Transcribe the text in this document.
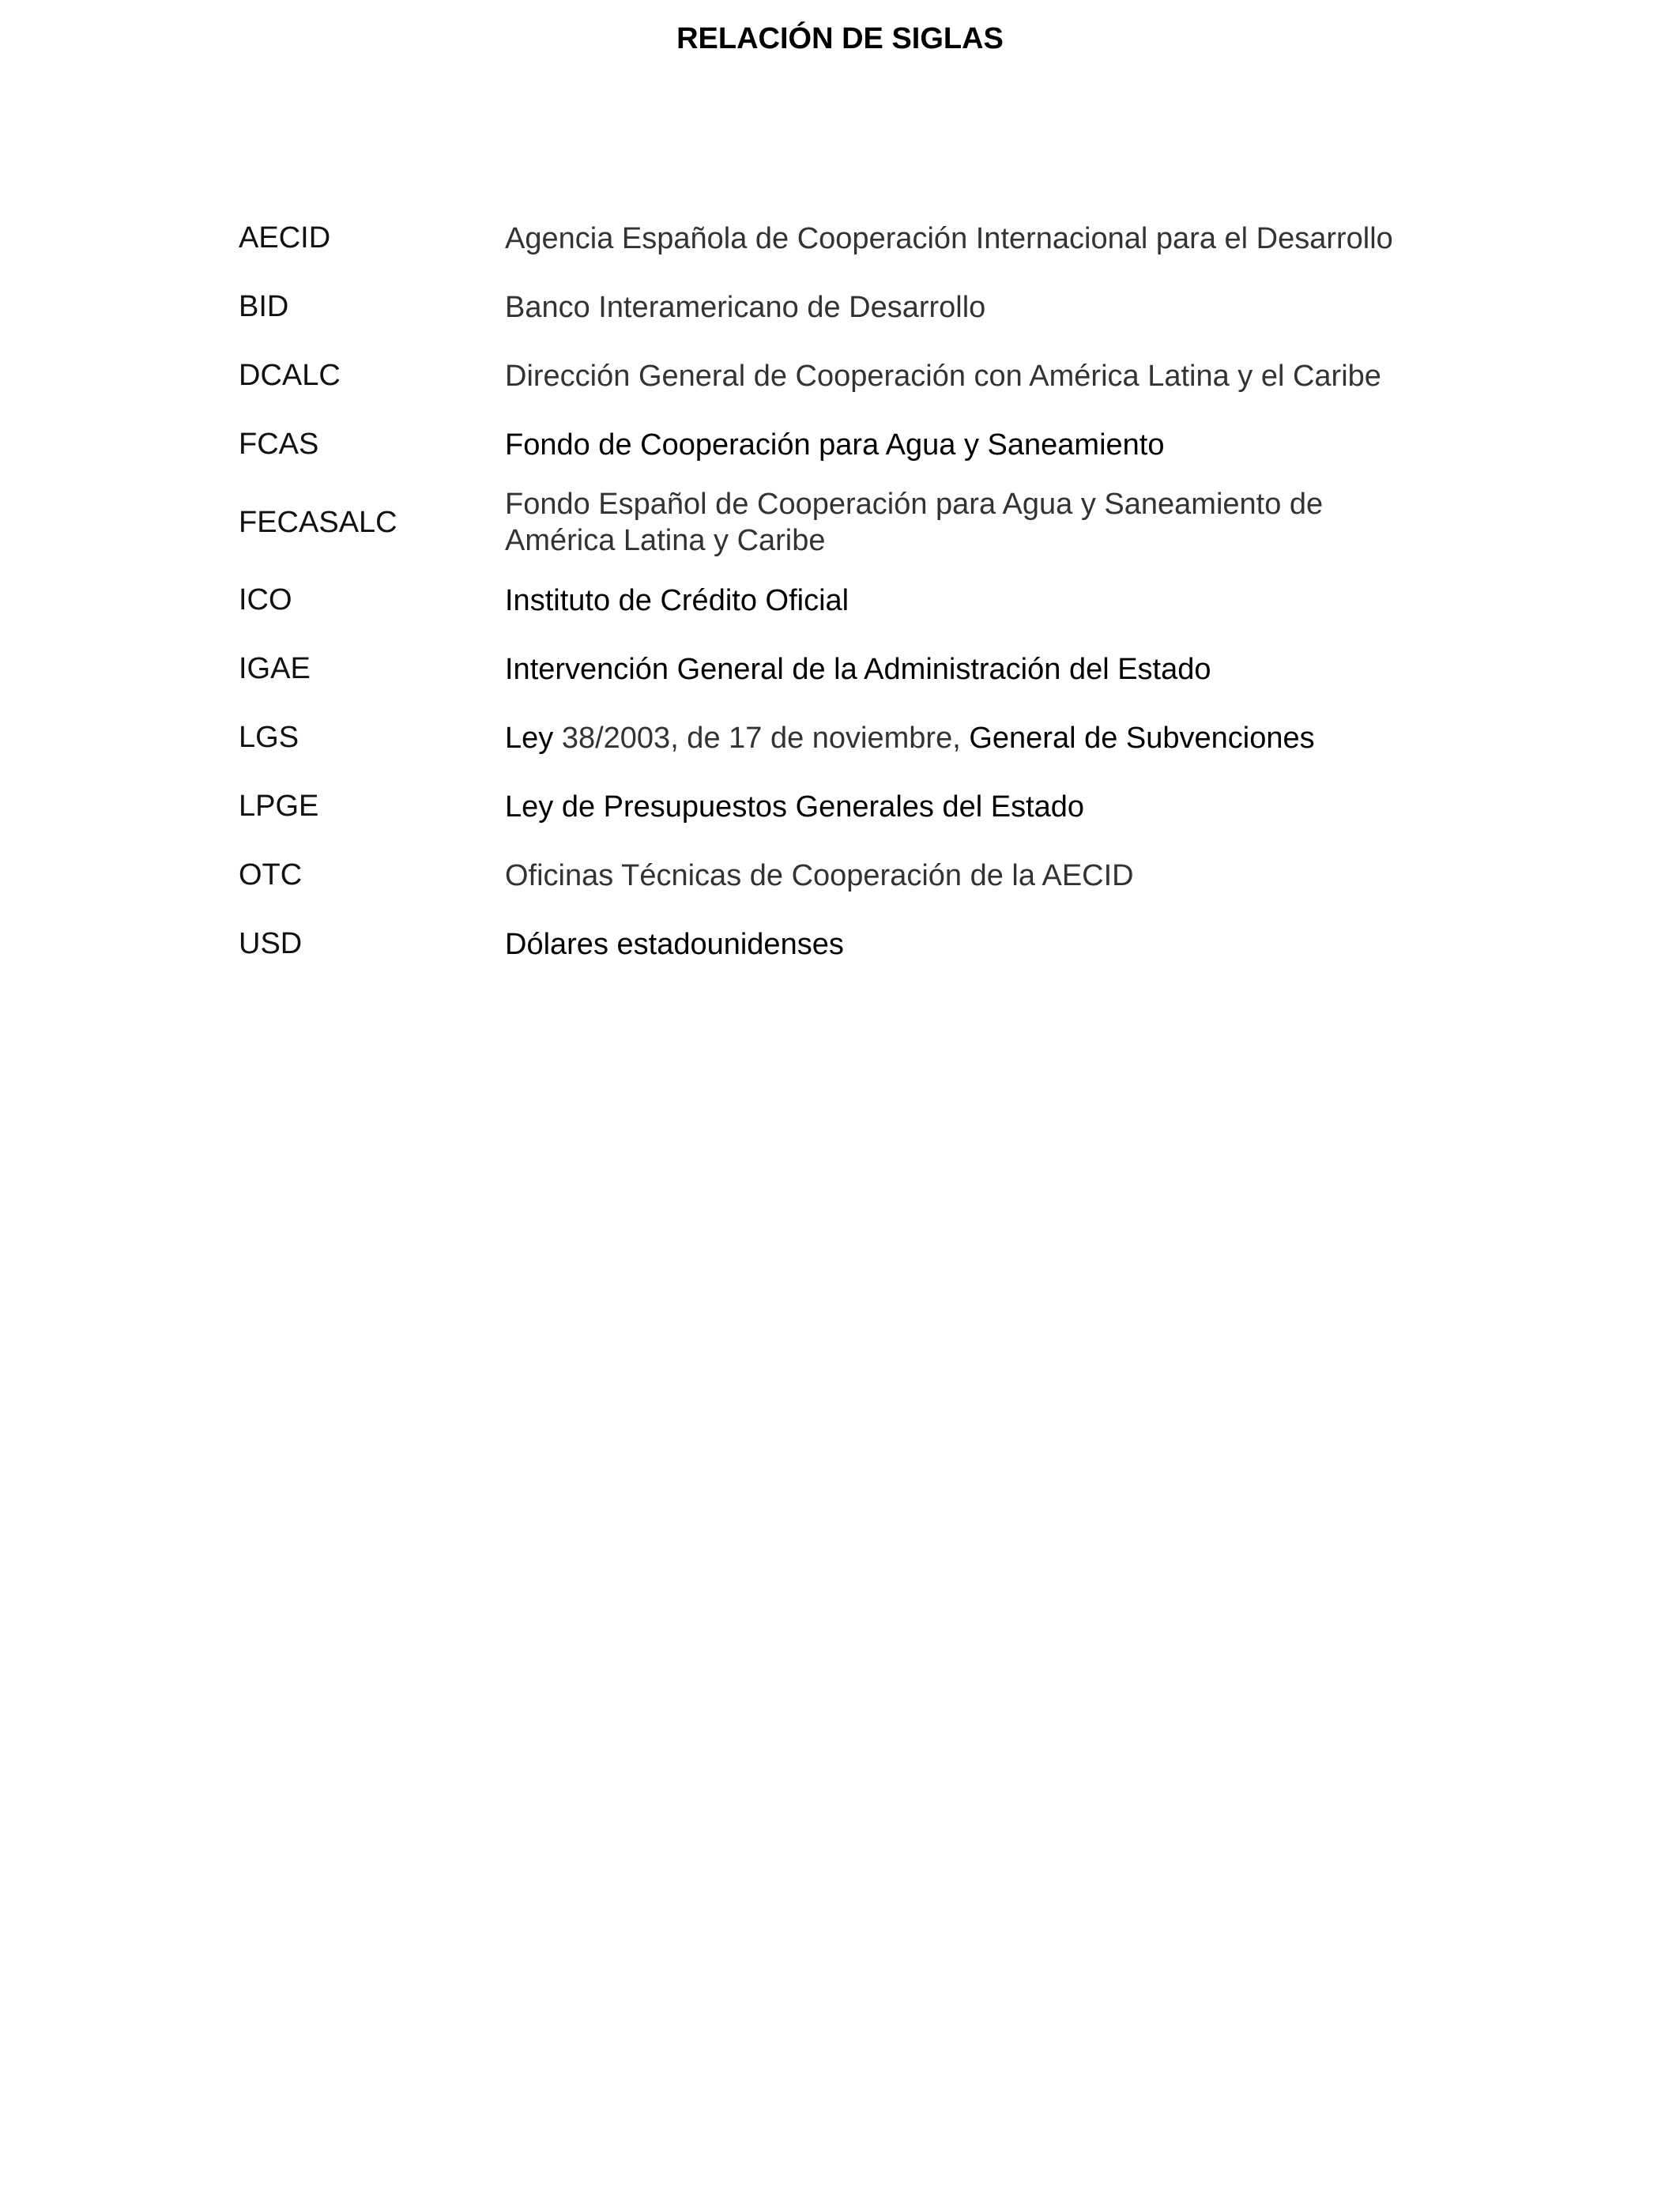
RELACIÓN DE SIGLAS
AECID	Agencia Española de Cooperación Internacional para el Desarrollo
BID	Banco Interamericano de Desarrollo
DCALC	Dirección General de Cooperación con América Latina y el Caribe
FCAS	Fondo de Cooperación para Agua y Saneamiento
FECASALC	Fondo Español de Cooperación para Agua y Saneamiento de
América Latina y Caribe

ICO	Instituto de Crédito Oficial
IGAE	Intervención General de la Administración del Estado
LGS	Ley 38/2003, de 17 de noviembre, General de Subvenciones
LPGE	Ley de Presupuestos Generales del Estado
OTC	Oficinas Técnicas de Cooperación de la AECID
USD	Dólares estadounidenses
